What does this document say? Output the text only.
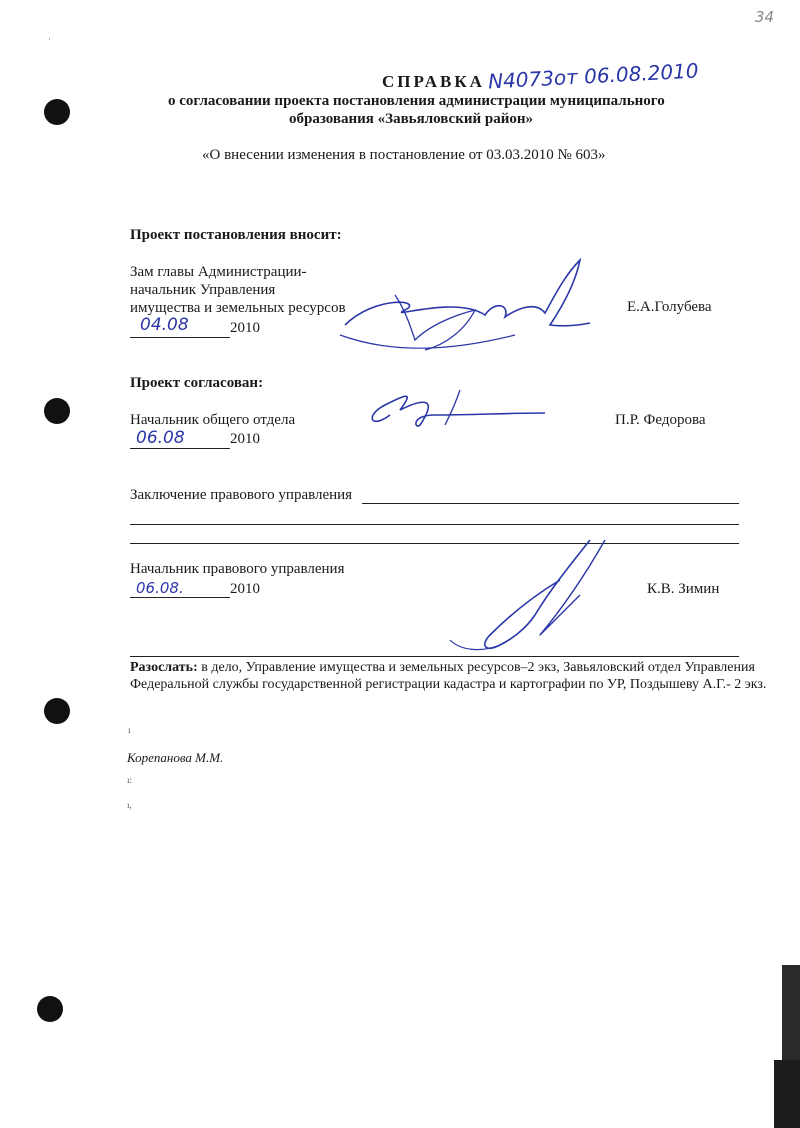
34
СПРАВКА N4073от 06.08.2010
о согласовании проекта постановления администрации муниципального
образования «Завьяловский район»
«О внесении изменения в постановление от 03.03.2010 № 603»
Проект постановления вносит:
Зам главы Администрации-
начальник Управления
имущества и земельных ресурсов
04.08	2010
Е.А.Голубева
Проект согласован:
Начальник общего отдела
06.08	2010
П.Р. Федорова
Заключение правового управления
Начальник правового управления
06.08.	2010	К.В. Зимин
Разослать: в дело, Управление имущества и земельных ресурсов–2 экз, Завьяловский отдел Управления
Федеральной службы государственной регистрации кадастра и картографии по УР, Поздышеву А.Г.- 2 экз.
Корепанова М.М.
ı
ı:
ı,
·
